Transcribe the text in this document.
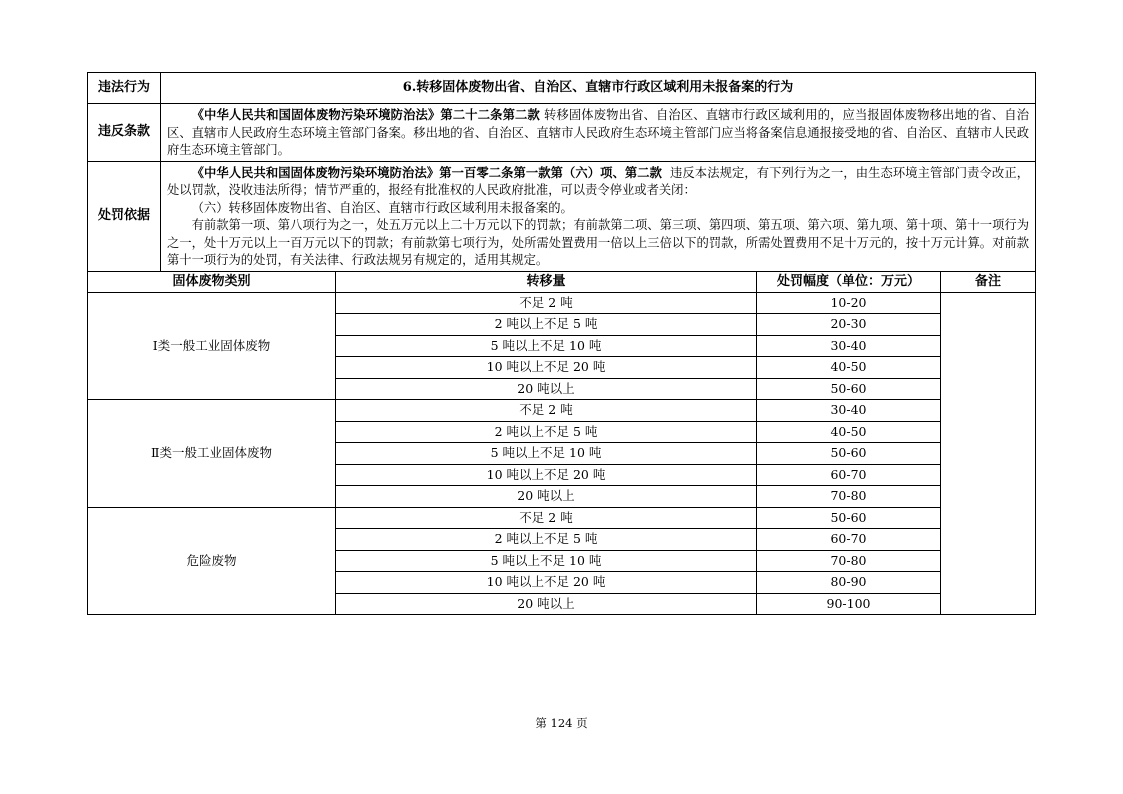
违法行为	6.转移固体废物出省、自治区、直辖市行政区域利用未报备案的行为			
违反条款	《中华人民共和国固体废物污染环境防治法》第二十二条第二款 转移固体废物出省、自治区、直辖市行政区域利用的，应当报固体废物移出地的省、自治区、直辖市人民政府生态环境主管部门备案。移出地的省、自治区、直辖市人民政府生态环境主管部门应当将备案信息通报接受地的省、自治区、直辖市人民政府生态环境主管部门。			

处罚依据	《中华人民共和国固体废物污染环境防治法》第一百零二条第一款第（六）项、第二款 违反本法规定，有下列行为之一，由生态环境主管部门责令改正，处以罚款，没收违法所得；情节严重的，报经有批准权的人民政府批准，可以责令停业或者关闭：
（六）转移固体废物出省、自治区、直辖市行政区域利用未报备案的。
有前款第一项、第八项行为之一，处五万元以上二十万元以下的罚款；有前款第二项、第三项、第四项、第五项、第六项、第九项、第十项、第十一项行为之一，处十万元以上一百万元以下的罚款；有前款第七项行为，处所需处置费用一倍以上三倍以下的罚款，所需处置费用不足十万元的，按十万元计算。对前款第十一项行为的处罚，有关法律、行政法规另有规定的，适用其规定。			

固体废物类别		转移量	处罚幅度（单位：万元）	备注
Ⅰ类一般工业固体废物		不足 2 吨	10-20	
		2 吨以上不足 5 吨	20-30	
		5 吨以上不足 10 吨	30-40	
		10 吨以上不足 20 吨	40-50	
		20 吨以上	50-60	
Ⅱ类一般工业固体废物		不足 2 吨	30-40	
		2 吨以上不足 5 吨	40-50	
		5 吨以上不足 10 吨	50-60	
		10 吨以上不足 20 吨	60-70	
		20 吨以上	70-80	
危险废物		不足 2 吨	50-60	
		2 吨以上不足 5 吨	60-70	
		5 吨以上不足 10 吨	70-80	
		10 吨以上不足 20 吨	80-90	
		20 吨以上	90-100	
第 124 页
